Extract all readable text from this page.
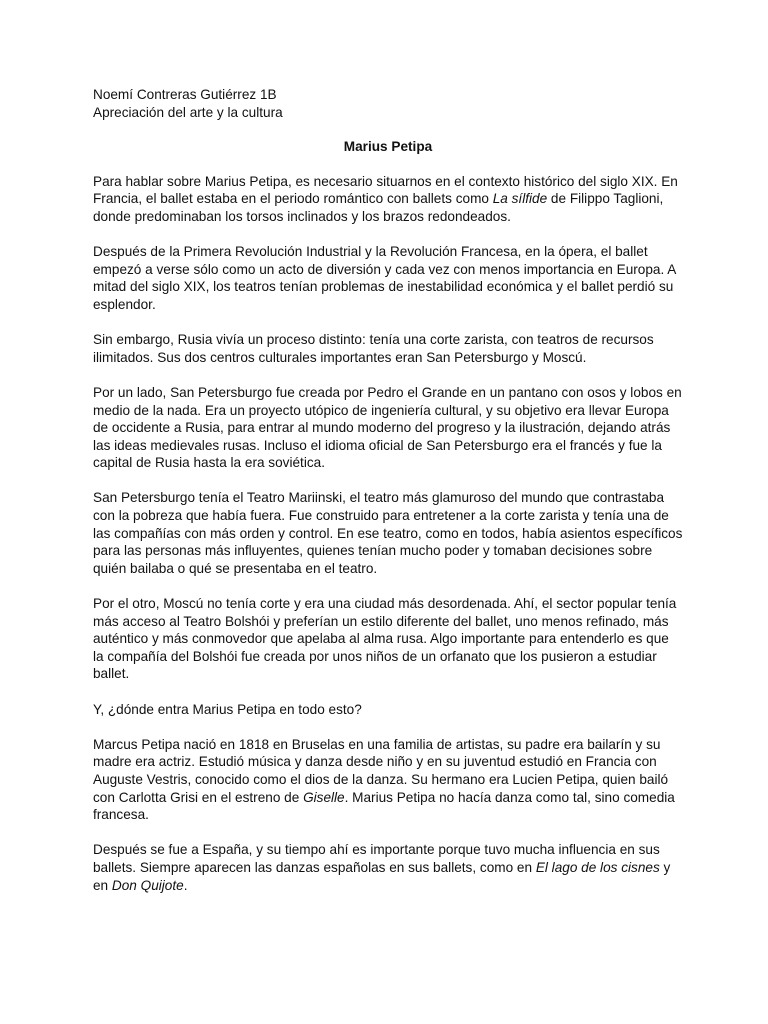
Noemí Contreras Gutiérrez 1B

Apreciación del arte y la cultura

Marius Petipa

Para hablar sobre Marius Petipa, es necesario situarnos en el contexto histórico del siglo XIX. En Francia, el ballet estaba en el periodo romántico con ballets como La sílfide de Filippo Taglioni, donde predominaban los torsos inclinados y los brazos redondeados.

Después de la Primera Revolución Industrial y la Revolución Francesa, en la ópera, el ballet empezó a verse sólo como un acto de diversión y cada vez con menos importancia en Europa. A mitad del siglo XIX, los teatros tenían problemas de inestabilidad económica y el ballet perdió su esplendor.

Sin embargo, Rusia vivía un proceso distinto: tenía una corte zarista, con teatros de recursos ilimitados. Sus dos centros culturales importantes eran San Petersburgo y Moscú.

Por un lado, San Petersburgo fue creada por Pedro el Grande en un pantano con osos y lobos en medio de la nada. Era un proyecto utópico de ingeniería cultural, y su objetivo era llevar Europa de occidente a Rusia, para entrar al mundo moderno del progreso y la ilustración, dejando atrás las ideas medievales rusas. Incluso el idioma oficial de San Petersburgo era el francés y fue la capital de Rusia hasta la era soviética.

San Petersburgo tenía el Teatro Mariinski, el teatro más glamuroso del mundo que contrastaba con la pobreza que había fuera. Fue construido para entretener a la corte zarista y tenía una de las compañías con más orden y control. En ese teatro, como en todos, había asientos específicos para las personas más influyentes, quienes tenían mucho poder y tomaban decisiones sobre quién bailaba o qué se presentaba en el teatro.

Por el otro, Moscú no tenía corte y era una ciudad más desordenada. Ahí, el sector popular tenía más acceso al Teatro Bolshói y preferían un estilo diferente del ballet, uno menos refinado, más auténtico y más conmovedor que apelaba al alma rusa. Algo importante para entenderlo es que la compañía del Bolshói fue creada por unos niños de un orfanato que los pusieron a estudiar ballet.

Y, ¿dónde entra Marius Petipa en todo esto?

Marcus Petipa nació en 1818 en Bruselas en una familia de artistas, su padre era bailarín y su madre era actriz. Estudió música y danza desde niño y en su juventud estudió en Francia con Auguste Vestris, conocido como el dios de la danza. Su hermano era Lucien Petipa, quien bailó con Carlotta Grisi en el estreno de Giselle. Marius Petipa no hacía danza como tal, sino comedia francesa.

Después se fue a España, y su tiempo ahí es importante porque tuvo mucha influencia en sus ballets. Siempre aparecen las danzas españolas en sus ballets, como en El lago de los cisnes y en Don Quijote.
